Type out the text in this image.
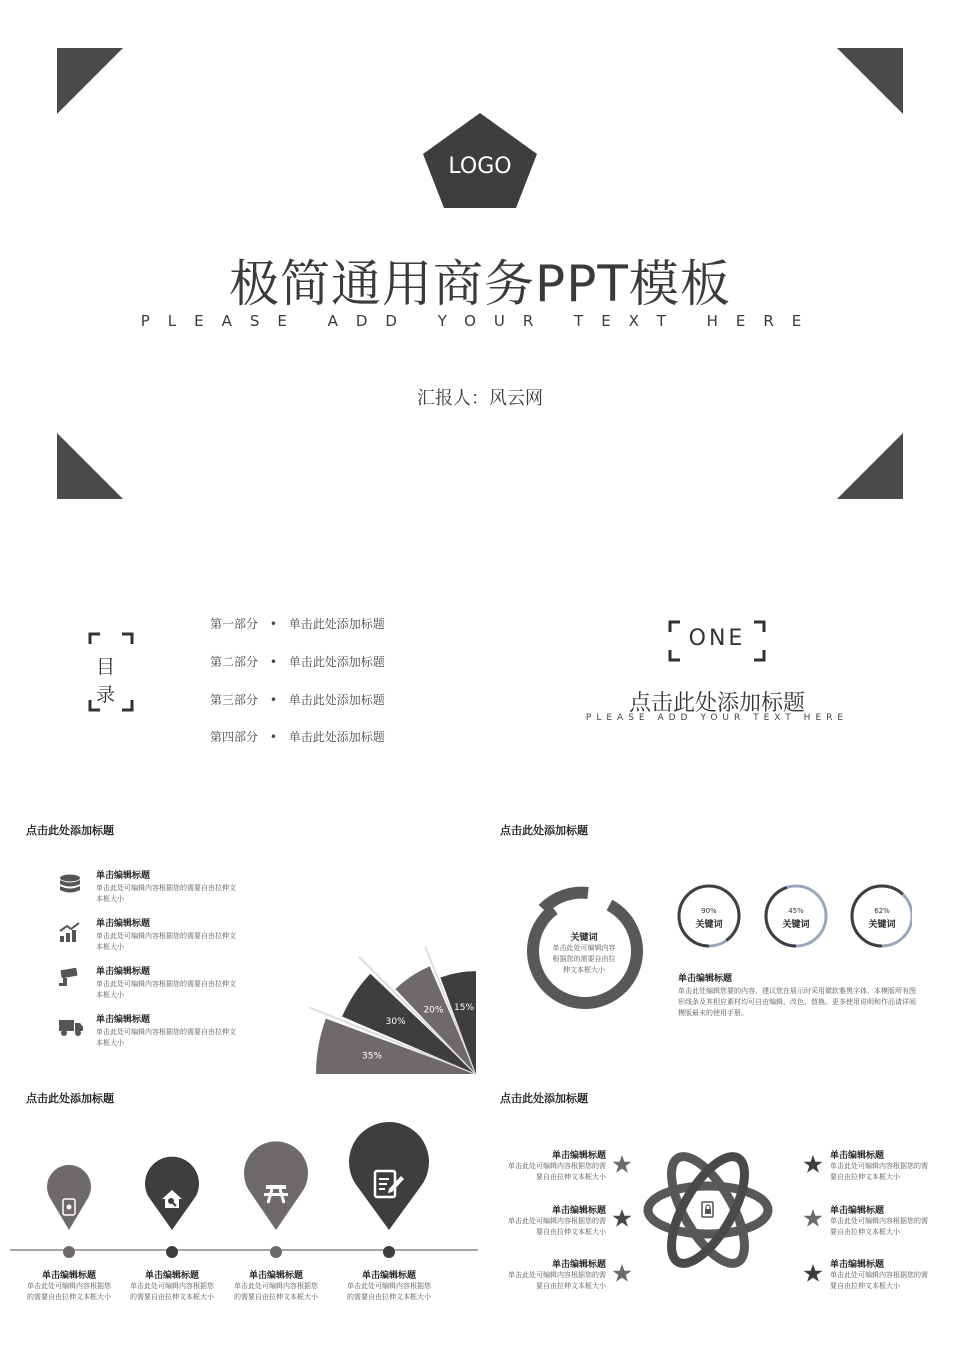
LOGO
极简通用商务PPT模板
PLEASE ADD YOUR TEXT HERE
汇报人：风云网
目
录
第一部分 • 单击此处添加标题
第二部分 • 单击此处添加标题
第三部分 • 单击此处添加标题
第四部分 • 单击此处添加标题
ONE
点击此处添加标题
PLEASE ADD YOUR TEXT HERE
点击此处添加标题
单击编辑标题
单击此处可编辑内容根据您的需要自由拉伸文本框大小
单击编辑标题
单击此处可编辑内容根据您的需要自由拉伸文本框大小
单击编辑标题
单击此处可编辑内容根据您的需要自由拉伸文本框大小
单击编辑标题
单击此处可编辑内容根据您的需要自由拉伸文本框大小
35%
30%
20% 15%
点击此处添加标题
关键词
单击此处可编辑内容
根据您的需要自由拉
伸文本框大小
90%
关键词
45%
关键词
62%
关键词
单击编辑标题
单击此处编辑您要的内容，建议您在展示时采用微软雅黑字体，本模版所有图形线条及其相应素材均可自由编辑、改色、替换。更多使用说明和作品请详阅模版最末的使用手册。
点击此处添加标题
单击编辑标题
单击此处可编辑内容根据您的需要自由拉伸文本框大小
单击编辑标题
单击此处可编辑内容根据您的需要自由拉伸文本框大小
单击编辑标题
单击此处可编辑内容根据您的需要自由拉伸文本框大小
单击编辑标题
单击此处可编辑内容根据您的需要自由拉伸文本框大小
点击此处添加标题
单击编辑标题
单击此处可编辑内容根据您的需
要自由拉伸文本框大小
单击编辑标题
单击此处可编辑内容根据您的需
要自由拉伸文本框大小
单击编辑标题
单击此处可编辑内容根据您的需
要自由拉伸文本框大小
单击编辑标题
单击此处可编辑内容根据您的需
要自由拉伸文本框大小
单击编辑标题
单击此处可编辑内容根据您的需
要自由拉伸文本框大小
单击编辑标题
单击此处可编辑内容根据您的需
要自由拉伸文本框大小
